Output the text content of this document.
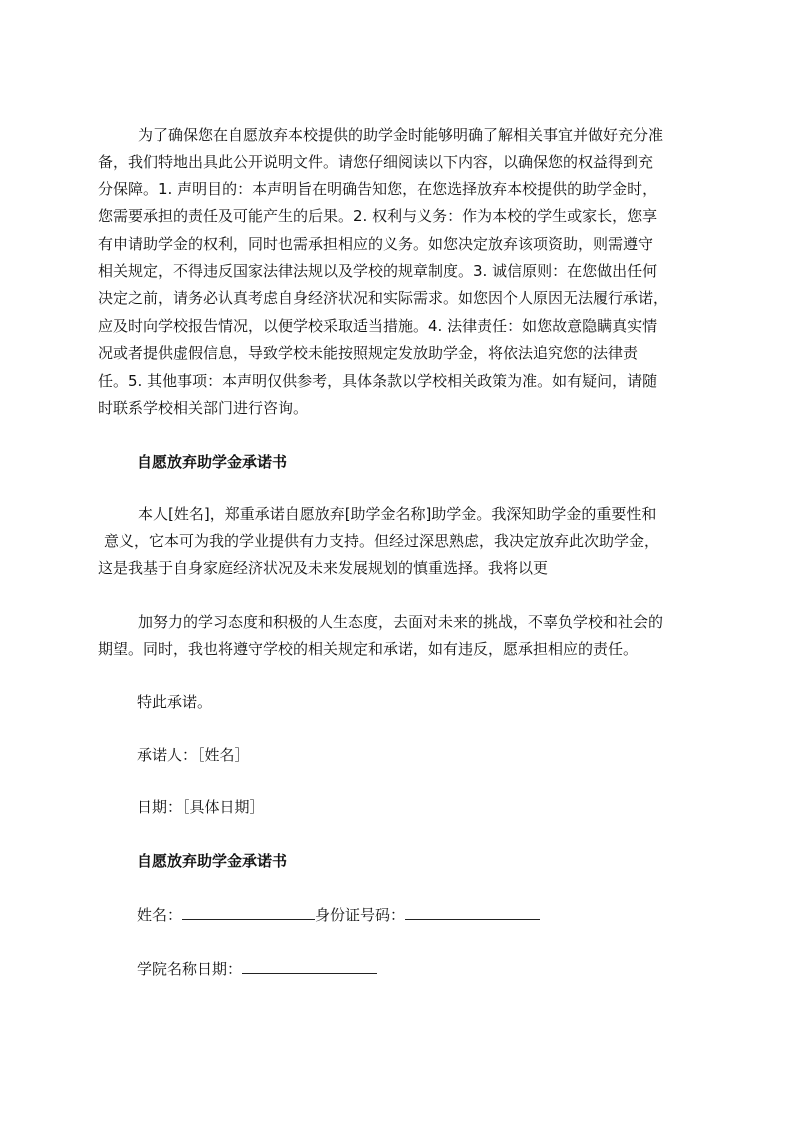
为了确保您在自愿放弃本校提供的助学金时能够明确了解相关事宜并做好充分准
备，我们特地出具此公开说明文件。请您仔细阅读以下内容，以确保您的权益得到充
分保障。1. 声明目的：本声明旨在明确告知您，在您选择放弃本校提供的助学金时，
您需要承担的责任及可能产生的后果。2. 权利与义务：作为本校的学生或家长，您享
有申请助学金的权利，同时也需承担相应的义务。如您决定放弃该项资助，则需遵守
相关规定，不得违反国家法律法规以及学校的规章制度。3. 诚信原则：在您做出任何
决定之前，请务必认真考虑自身经济状况和实际需求。如您因个人原因无法履行承诺，
应及时向学校报告情况，以便学校采取适当措施。4. 法律责任：如您故意隐瞒真实情
况或者提供虚假信息，导致学校未能按照规定发放助学金，将依法追究您的法律责
任。5. 其他事项：本声明仅供参考，具体条款以学校相关政策为准。如有疑问，请随
时联系学校相关部门进行咨询。
自愿放弃助学金承诺书
本人[姓名]，郑重承诺自愿放弃[助学金名称]助学金。我深知助学金的重要性和
意义，它本可为我的学业提供有力支持。但经过深思熟虑，我决定放弃此次助学金，
这是我基于自身家庭经济状况及未来发展规划的慎重选择。我将以更
加努力的学习态度和积极的人生态度，去面对未来的挑战，不辜负学校和社会的
期望。同时，我也将遵守学校的相关规定和承诺，如有违反，愿承担相应的责任。
特此承诺。
承诺人：［姓名］
日期：［具体日期］
自愿放弃助学金承诺书
姓名：	身份证号码：
学院名称日期：
